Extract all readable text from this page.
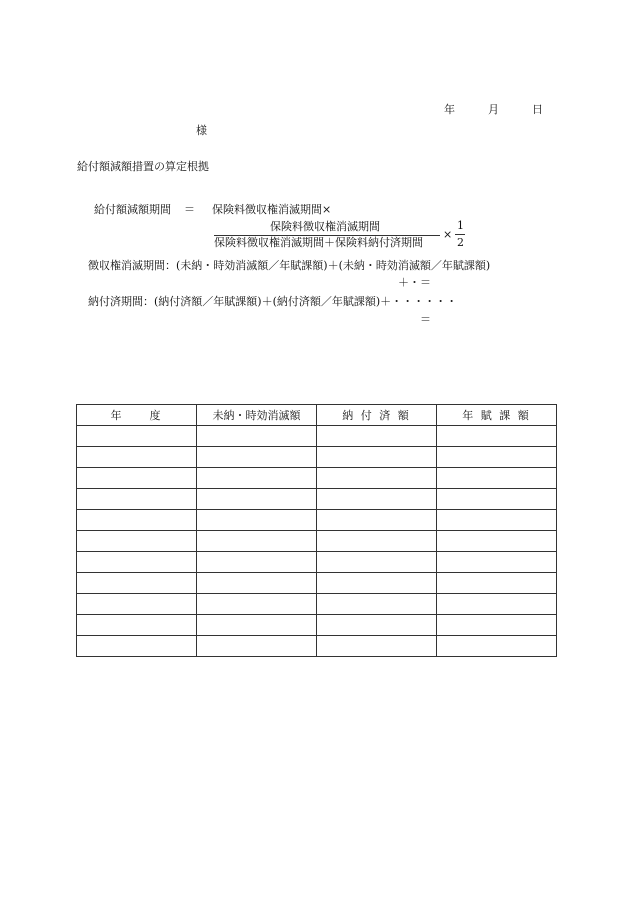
年	月	日
様
給付額減額措置の算定根拠
給付額減額期間 ＝ 保険料徴収権消滅期間×
保険料徴収権消滅期間
保険料徴収権消滅期間＋保険料納付済期間
×
1
2
徴収権消滅期間：(未納・時効消滅額／年賦課額)＋(未納・時効消滅額／年賦課額)
＋・＝
納付済期間：(納付済額／年賦課額)＋(納付済額／年賦課額)＋・・・・・・
＝
年　　度	未納・時効消滅額	納 付 済 額	年 賦 課 額
